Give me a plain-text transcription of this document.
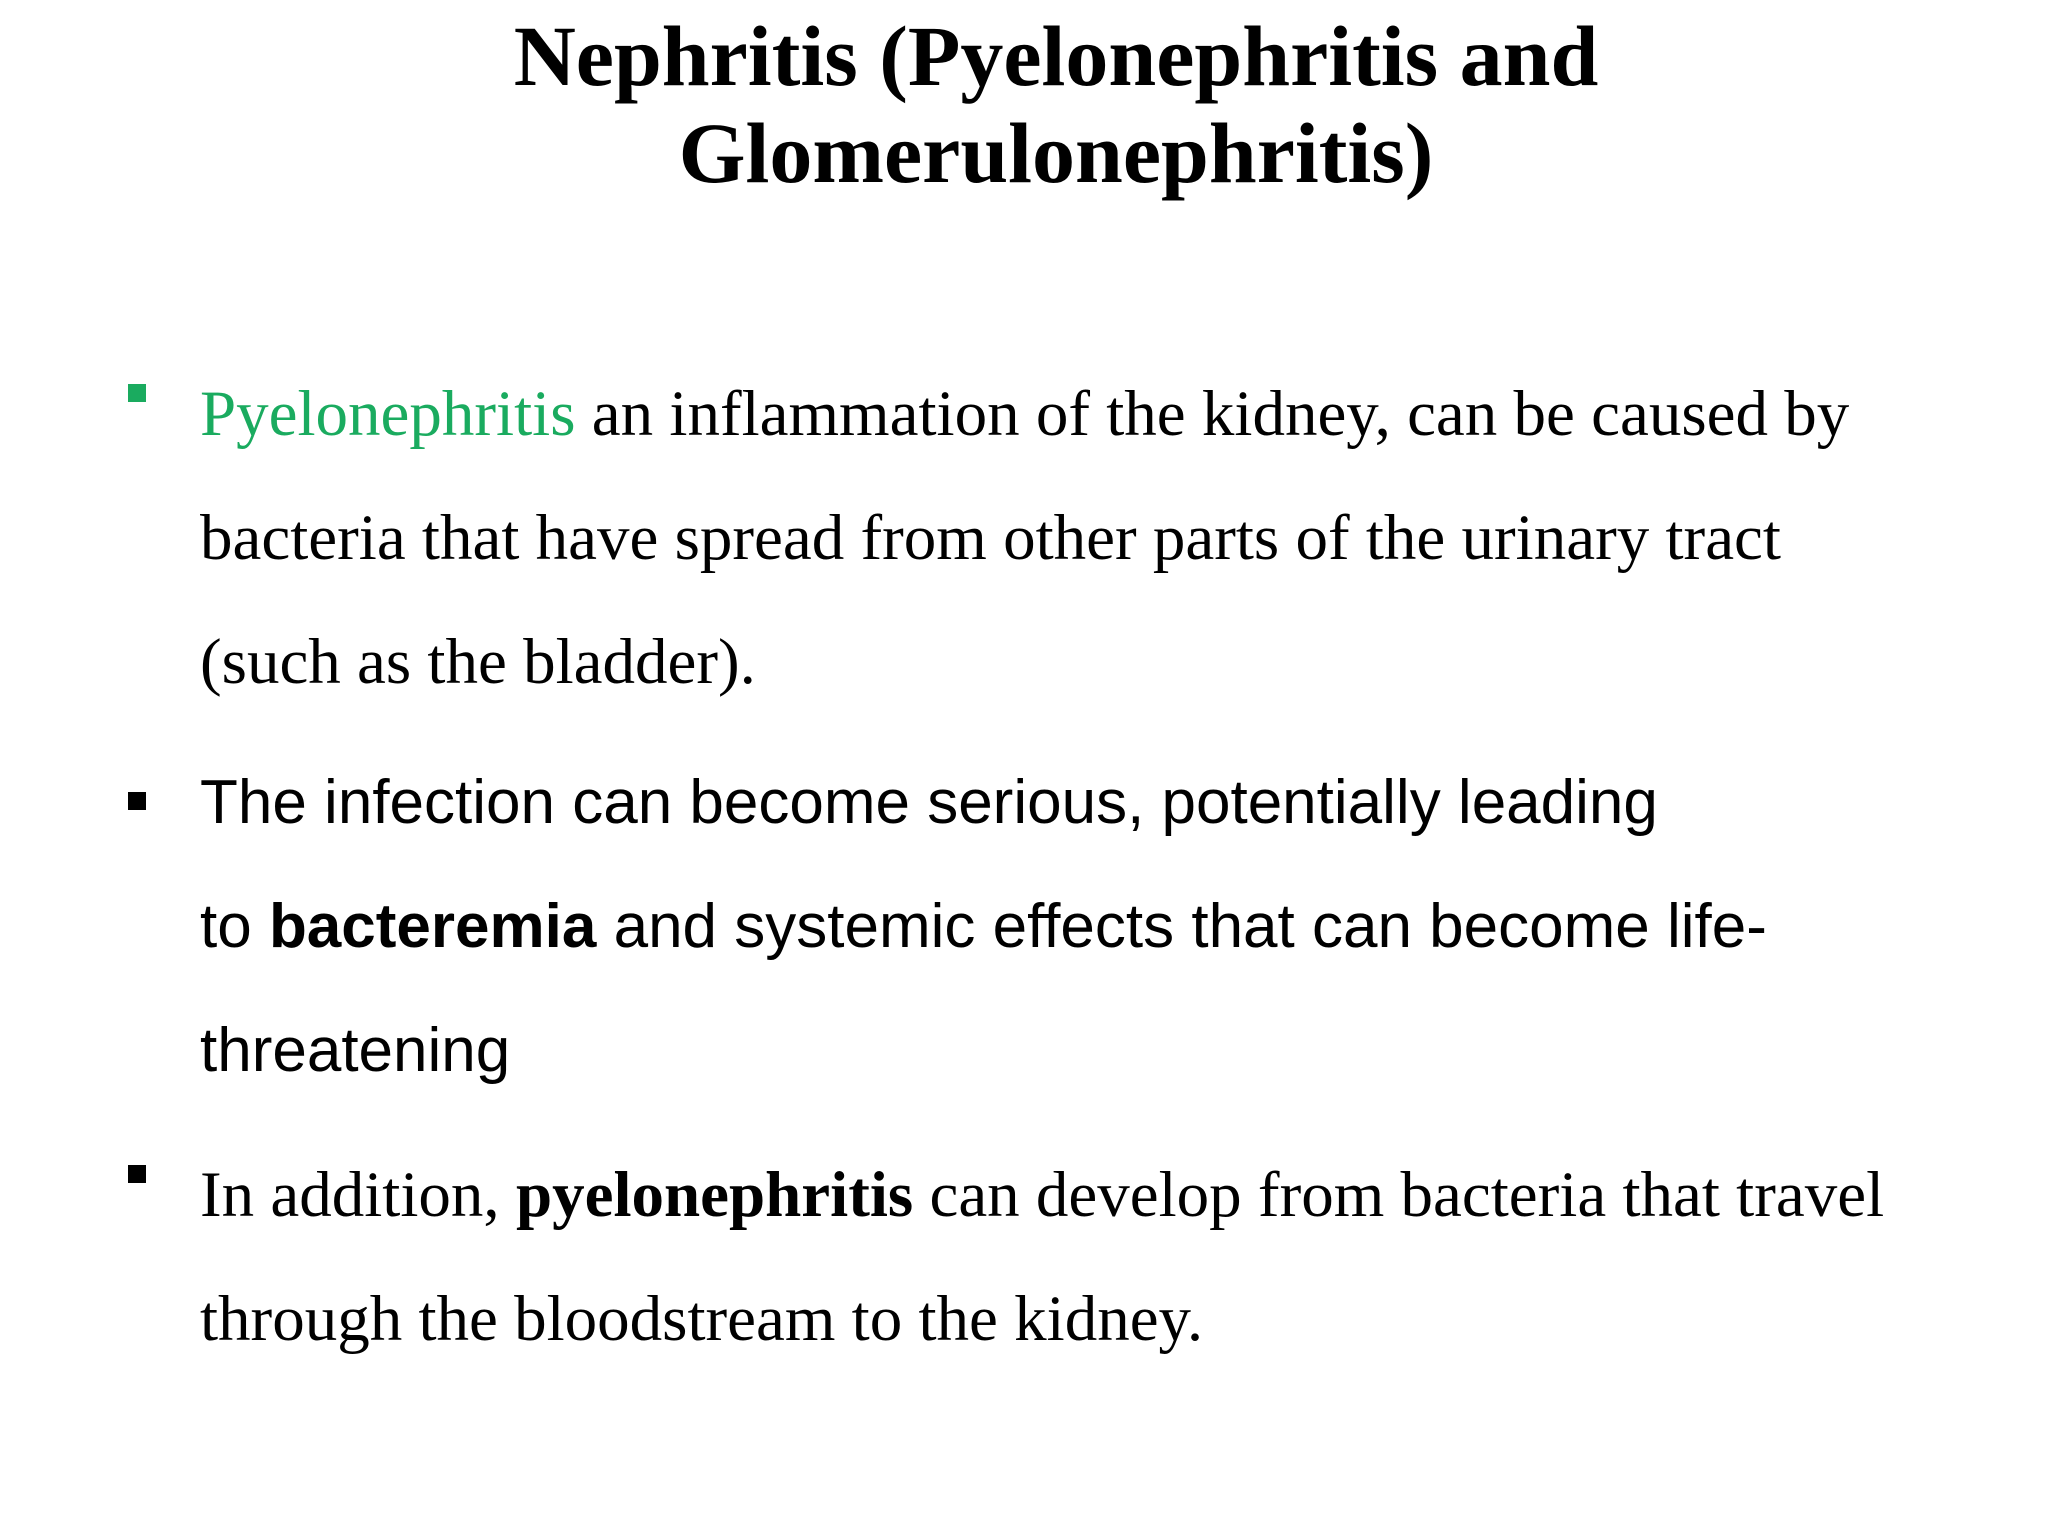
Nephritis (Pyelonephritis and
Glomerulonephritis)
Pyelonephritis an inflammation of the kidney, can be caused by
bacteria that have spread from other parts of the urinary tract
(such as the bladder).
The infection can become serious, potentially leading
to bacteremia and systemic effects that can become life-
threatening
In addition, pyelonephritis can develop from bacteria that travel
through the bloodstream to the kidney.
